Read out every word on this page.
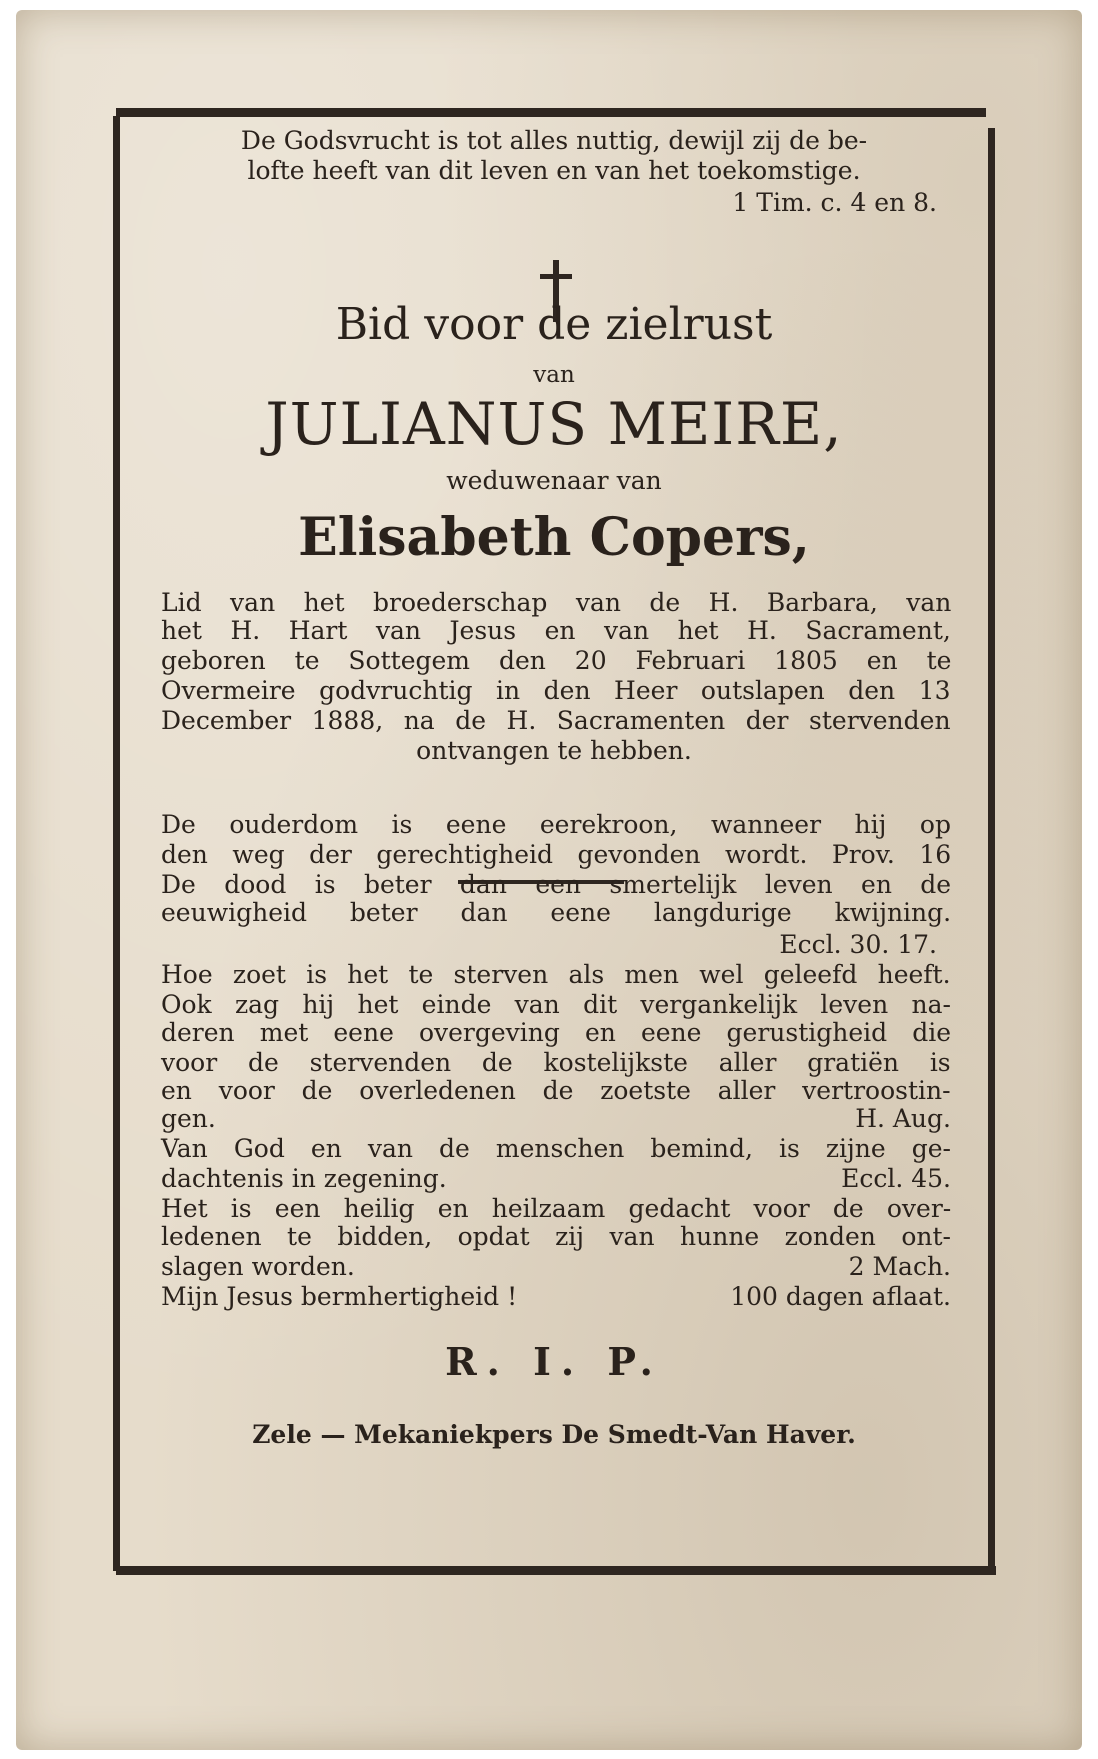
De Godsvrucht is tot alles nuttig, dewijl zij de be-
lofte heeft van dit leven en van het toekomstige.
1 Tim. c. 4 en 8.
Bid voor de zielrust
van
JULIANUS MEIRE,
weduwenaar van
Elisabeth Copers,
Lid van het broederschap van de H. Barbara, van
het H. Hart van Jesus en van het H. Sacrament,
geboren te Sottegem den 20 Februari 1805 en te
Overmeire godvruchtig in den Heer outslapen den 13
December 1888, na de H. Sacramenten der stervenden
ontvangen te hebben.
De ouderdom is eene eerekroon, wanneer hij op
den weg der gerechtigheid gevonden wordt. Prov. 16
De dood is beter dan een smertelijk leven en de
eeuwigheid beter dan eene langdurige kwijning.
Eccl. 30. 17.
Hoe zoet is het te sterven als men wel geleefd heeft.
Ook zag hij het einde van dit vergankelijk leven na-
deren met eene overgeving en eene gerustigheid die
voor de stervenden de kostelijkste aller gratiën is
en voor de overledenen de zoetste aller vertroostin-
gen.	H. Aug.
Van God en van de menschen bemind, is zijne ge-
dachtenis in zegening.	Eccl. 45.
Het is een heilig en heilzaam gedacht voor de over-
ledenen te bidden, opdat zij van hunne zonden ont-
slagen worden.	2 Mach.
Mijn Jesus bermhertigheid !	100 dagen aflaat.
R. I. P.
Zele — Mekaniekpers De Smedt-Van Haver.
